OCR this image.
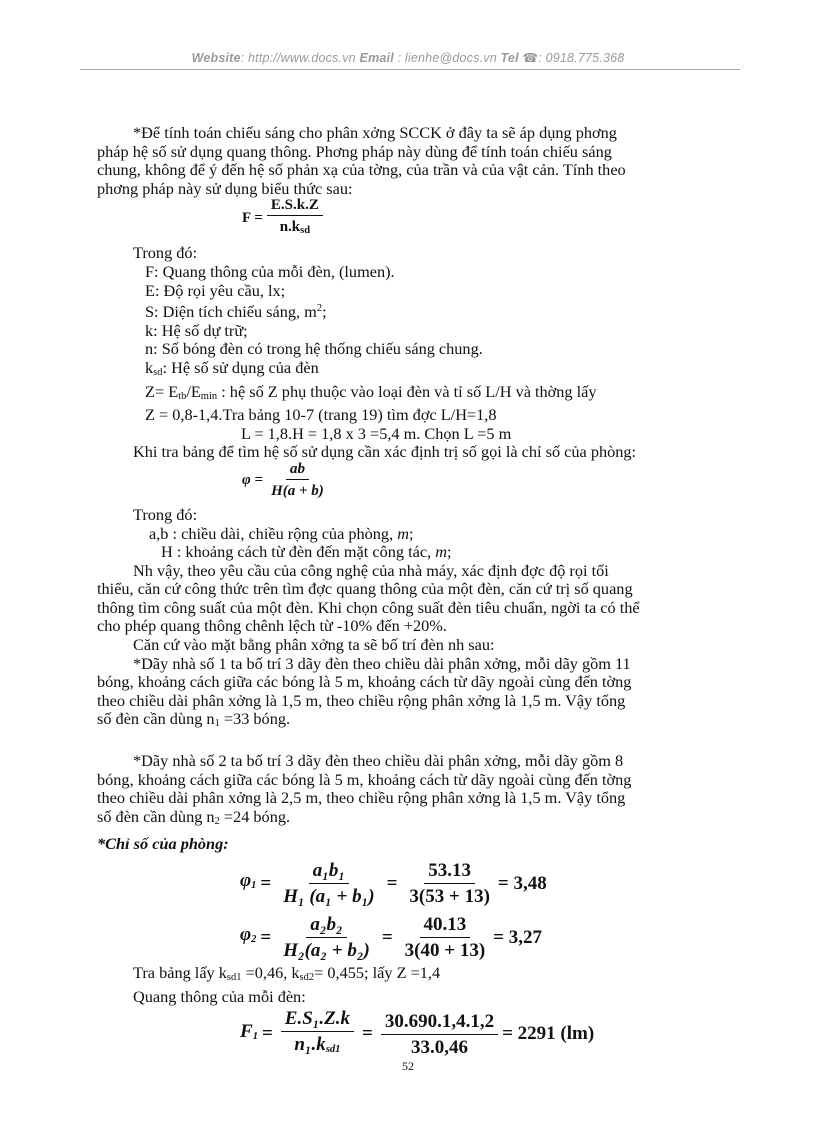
Website: http://www.docs.vn Email : lienhe@docs.vn Tel ☎: 0918.775.368

*Để tính toán chiếu sáng cho phân xởng SCCK ở đây ta sẽ áp dụng phơng

pháp hệ số sử dụng quang thông. Phơng pháp này dùng để tính toán chiếu sáng

chung, không để ý đến hệ số phản xạ của tờng, của trần và của vật cản. Tính theo

phơng pháp này sử dụng biểu thức sau:

$F = \frac{E.S.k.Z}{n.k_{sd}}$

Trong đó:

F: Quang thông của mỗi đèn, (lumen).

E: Độ rọi yêu cầu, lx;

S: Diện tích chiếu sáng, $m^2$;

k: Hệ số dự trữ;

n: Số bóng đèn có trong hệ thống chiếu sáng chung.

$k_{sd}$: Hệ số sử dụng của đèn

$Z= E_{tb}/E_{min}$ : hệ số Z phụ thuộc vào loại đèn và tỉ số L/H và thờng lấy

Z = 0,8-1,4.Tra bảng 10-7 (trang 19) tìm đợc L/H=1,8

L = 1,8.H = 1,8 x 3 =5,4 m. Chọn L =5 m

Khi tra bảng để tìm hệ số sử dụng cần xác định trị số gọi là chỉ số của phòng:

$\varphi = \frac{ab}{H(a + b)}$

Trong đó:

a,b : chiều dài, chiều rộng của phòng, m;

H : khoảng cách từ đèn đến mặt công tác, m;

Nh vậy, theo yêu cầu của công nghệ của nhà máy, xác định đợc độ rọi tối

thiểu, căn cứ công thức trên tìm đợc quang thông của một đèn, căn cứ trị số quang

thông tìm công suất của một đèn. Khi chọn công suất đèn tiêu chuẩn, ngời ta có thể

cho phép quang thông chênh lệch từ -10% đến +20%.

Căn cứ vào mặt bằng phân xởng ta sẽ bố trí đèn nh sau:

*Dãy nhà số 1 ta bố trí 3 dãy đèn theo chiều dài phân xởng, mỗi dãy gồm 11

bóng, khoảng cách giữa các bóng là 5 m, khoảng cách từ dãy ngoài cùng đến tờng

theo chiều dài phân xởng là 1,5 m, theo chiều rộng phân xởng là 1,5 m. Vậy tổng

số đèn cần dùng $n_1 =33$ bóng.

*Dãy nhà số 2 ta bố trí 3 dãy đèn theo chiều dài phân xởng, mỗi dãy gồm 8

bóng, khoảng cách giữa các bóng là 5 m, khoảng cách từ dãy ngoài cùng đến tờng

theo chiều dài phân xởng là 2,5 m, theo chiều rộng phân xởng là 1,5 m. Vậy tổng

số đèn cần dùng $n_2 =24$ bóng.

*Chỉ số của phòng:

$\varphi_1 = \frac{\text{a₁b₁}}{\text{H₁ (a₁ + b₁)}} = \frac{53.13}{3(53 + 13)} = 3,48$
$\varphi_2 = \frac{\text{a₂b₂}}{\text{H₂(a₂ + b₂)}} = \frac{40.13}{3(40 + 13)} = 3,27$

Tra bảng lấy $k_{sd1} =0,46$, $k_{sd2}= 0,455$; lấy Z =1,4

Quang thông của mỗi đèn:

$F_1 = \frac{\text{E.S₁.Z.k}}{n_1.k_{sd1}} = \frac{30.690.1,4.1,2}{33.0,46} = 2291$ (lm)
52
